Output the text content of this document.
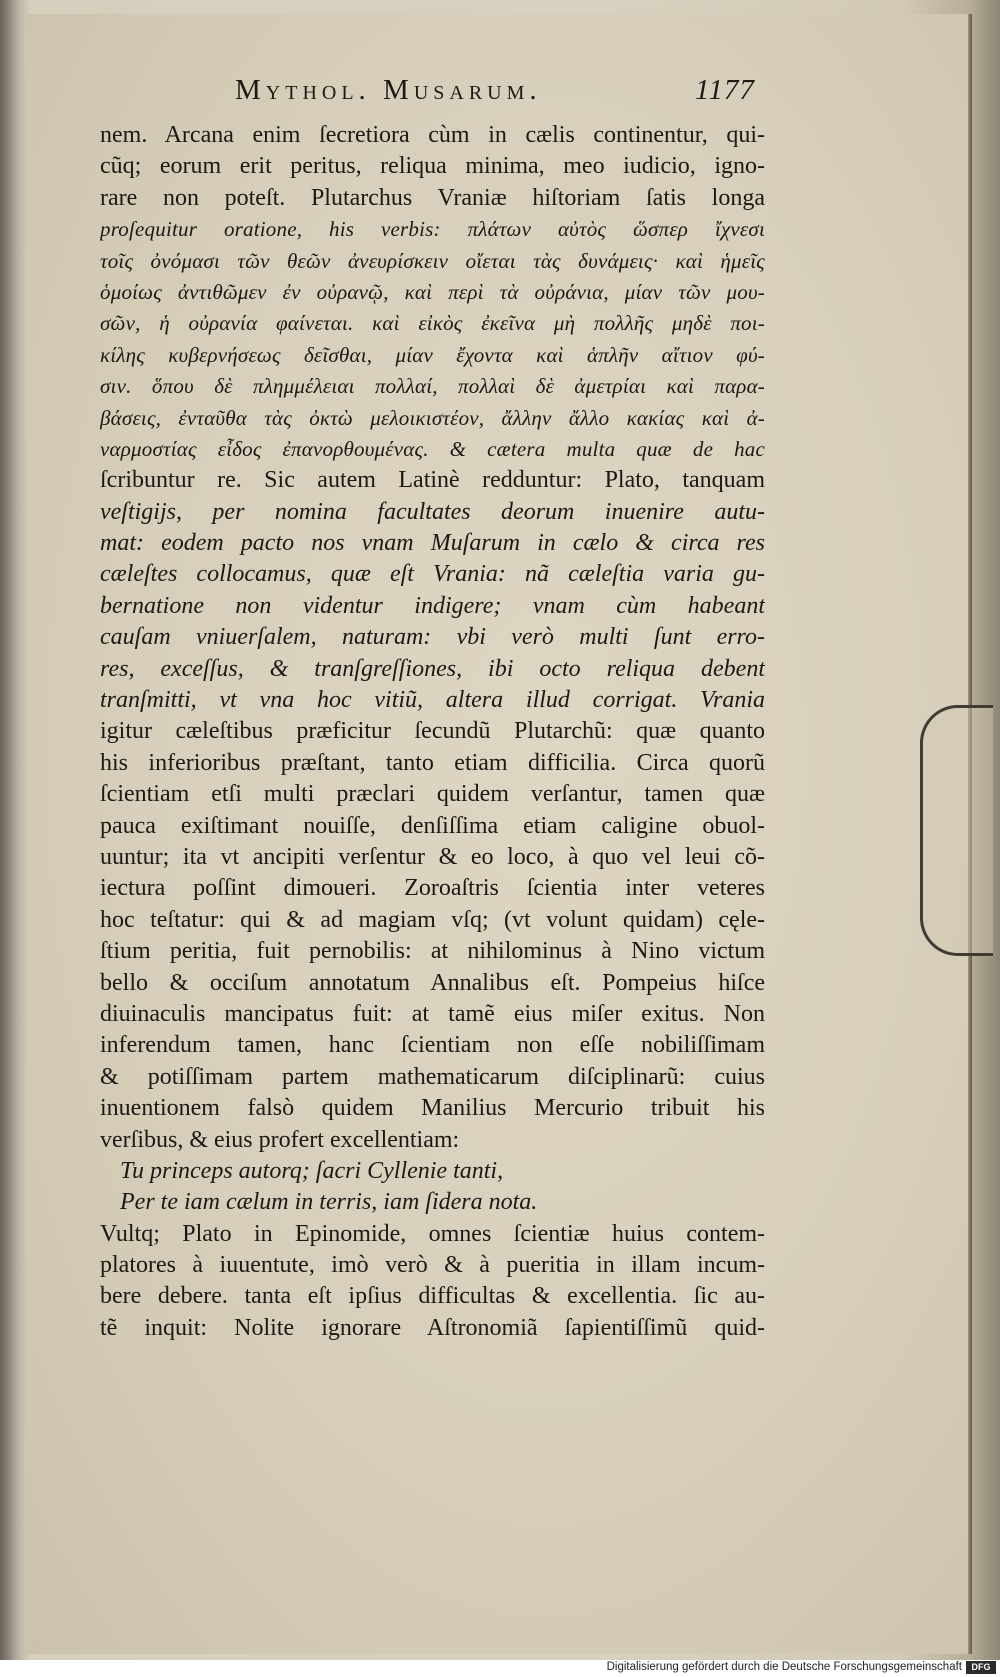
Mythol. Musarum.	1177
nem. Arcana enim ſecretiora cùm in cælis continentur, qui-
cũq; eorum erit peritus, reliqua minima, meo iudicio, igno-
rare non poteſt. Plutarchus Vraniæ hiſtoriam ſatis longa
proſequitur oratione, his verbis: πλάτων αὐτὸς ὥσπερ ἴχνεσι
τοῖς ὀνόμασι τῶν θεῶν ἀνευρίσκειν οἴεται τὰς δυνάμεις· καὶ ἡμεῖς
ὁμοίως ἀντιθῶμεν ἐν οὐρανῷ, καὶ περὶ τὰ οὐράνια, μίαν τῶν μου-
σῶν, ἡ οὐρανία φαίνεται. καὶ εἰκὸς ἐκεῖνα μὴ πολλῆς μηδὲ ποι-
κίλης κυβερνήσεως δεῖσθαι, μίαν ἔχοντα καὶ ἁπλῆν αἴτιον φύ-
σιν. ὅπου δὲ πλημμέλειαι πολλαί, πολλαὶ δὲ ἀμετρίαι καὶ παρα-
βάσεις, ἐνταῦθα τὰς ὀκτὼ μελοικιστέον, ἄλλην ἄλλο κακίας καὶ ἀ-
ναρμοστίας εἶδος ἐπανορθουμένας. & cætera multa quæ de hac
ſcribuntur re. Sic autem Latinè redduntur: Plato, tanquam
veſtigijs, per nomina facultates deorum inuenire autu-
mat: eodem pacto nos vnam Muſarum in cælo & circa res
cæleſtes collocamus, quæ eſt Vrania: nã cæleſtia varia gu-
bernatione non videntur indigere; vnam cùm habeant
cauſam vniuerſalem, naturam: vbi verò multi ſunt erro-
res, exceſſus, & tranſgreſſiones, ibi octo reliqua debent
tranſmitti, vt vna hoc vitiũ, altera illud corrigat. Vrania
igitur cæleſtibus præficitur ſecundũ Plutarchũ: quæ quanto
his inferioribus præſtant, tanto etiam difficilia. Circa quorũ
ſcientiam etſi multi præclari quidem verſantur, tamen quæ
pauca exiſtimant nouiſſe, denſiſſima etiam caligine obuol-
uuntur; ita vt ancipiti verſentur & eo loco, à quo vel leui cõ-
iectura poſſint dimoueri. Zoroaſtris ſcientia inter veteres
hoc teſtatur: qui & ad magiam vſq; (vt volunt quidam) cęle-
ſtium peritia, fuit pernobilis: at nihilominus à Nino victum
bello & occiſum annotatum Annalibus eſt. Pompeius hiſce
diuinaculis mancipatus fuit: at tamẽ eius miſer exitus. Non
inferendum tamen, hanc ſcientiam non eſſe nobiliſſimam
& potiſſimam partem mathematicarum diſciplinarũ: cuius
inuentionem falsò quidem Manilius Mercurio tribuit his
verſibus, & eius profert excellentiam:
Tu princeps autorq; ſacri Cyllenie tanti,
Per te iam cælum in terris, iam ſidera nota.
Vultq; Plato in Epinomide, omnes ſcientiæ huius contem-
platores à iuuentute, imò verò & à pueritia in illam incum-
bere debere. tanta eſt ipſius difficultas & excellentia. ſic au-
tẽ inquit: Nolite ignorare Aſtronomiã ſapientiſſimũ quid-
Digitalisierung gefördert durch die Deutsche Forschungsgemeinschaft	DFG
